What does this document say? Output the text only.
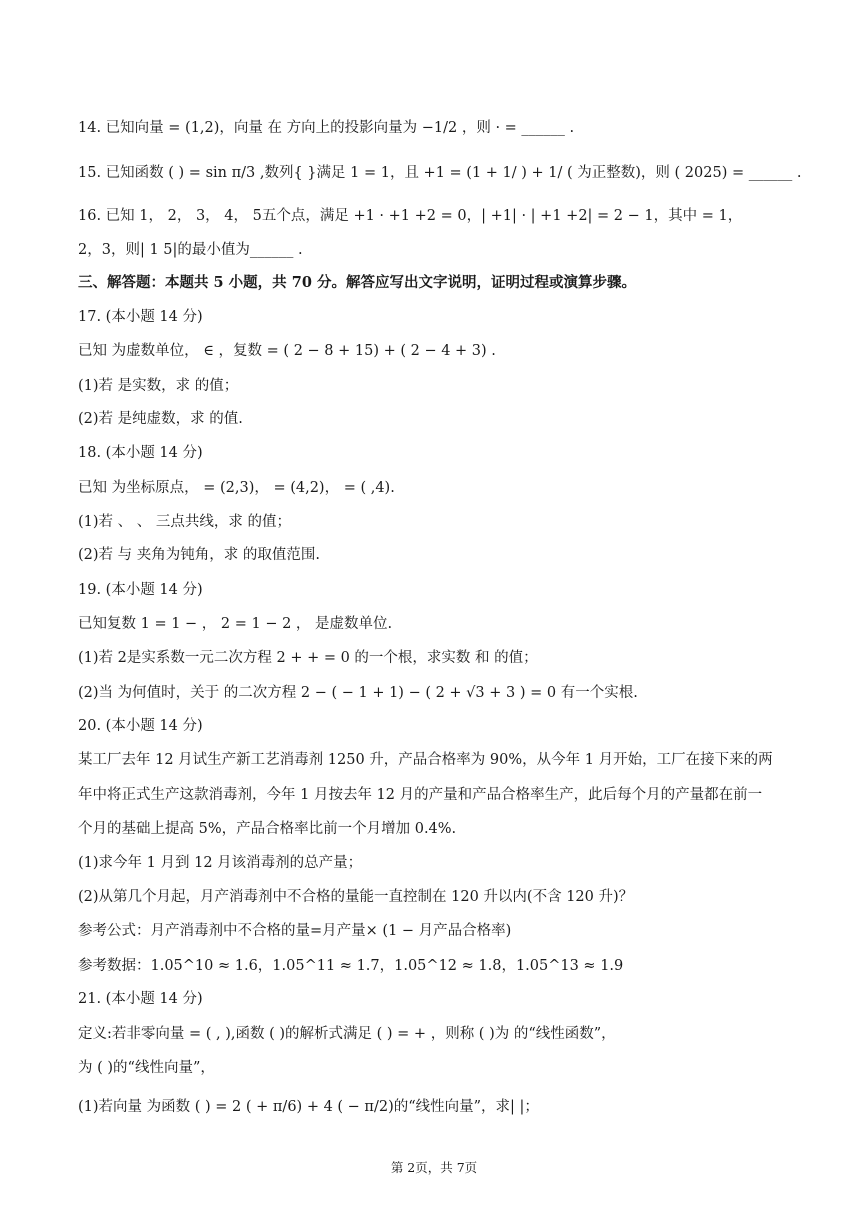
14. 已知向量 = (1,2)，向量 在 方向上的投影向量为 −1/2 ，则 · = ______ .
15. 已知函数 ( ) = sin π/3 ,数列{ }满足 1 = 1，且 +1 = (1 + 1/ ) + 1/ ( 为正整数)，则 ( 2025) = ______ .
16. 已知 1， 2， 3， 4， 5五个点，满足 +1 · +1 +2 = 0，| +1| · | +1 +2| = 2 − 1，其中 = 1，
2，3，则| 1 5|的最小值为______ .
三、解答题：本题共 5 小题，共 70 分。解答应写出文字说明，证明过程或演算步骤。
17. (本小题 14 分)
已知 为虚数单位， ∈ ，复数 = ( 2 − 8 + 15) + ( 2 − 4 + 3) .
(1)若 是实数，求 的值；
(2)若 是纯虚数，求 的值.
18. (本小题 14 分)
已知 为坐标原点， = (2,3)， = (4,2)， = ( ,4).
(1)若 、 、 三点共线，求 的值；
(2)若 与 夹角为钝角，求 的取值范围.
19. (本小题 14 分)
已知复数 1 = 1 − ， 2 = 1 − 2 ， 是虚数单位.
(1)若 2是实系数一元二次方程 2 + + = 0 的一个根，求实数 和 的值；
(2)当 为何值时，关于 的二次方程 2 − ( − 1 + 1) − ( 2 + √3 + 3 ) = 0 有一个实根.
20. (本小题 14 分)
某工厂去年 12 月试生产新工艺消毒剂 1250 升，产品合格率为 90%，从今年 1 月开始，工厂在接下来的两
年中将正式生产这款消毒剂，今年 1 月按去年 12 月的产量和产品合格率生产，此后每个月的产量都在前一
个月的基础上提高 5%，产品合格率比前一个月增加 0.4%.
(1)求今年 1 月到 12 月该消毒剂的总产量；
(2)从第几个月起，月产消毒剂中不合格的量能一直控制在 120 升以内(不含 120 升)？
参考公式：月产消毒剂中不合格的量=月产量× (1 − 月产品合格率)
参考数据：1.05^10 ≈ 1.6，1.05^11 ≈ 1.7，1.05^12 ≈ 1.8，1.05^13 ≈ 1.9
21. (本小题 14 分)
定义:若非零向量 = ( , ),函数 ( )的解析式满足 ( ) = + ，则称 ( )为 的“线性函数”，
为 ( )的“线性向量”，
(1)若向量 为函数 ( ) = 2 ( + π/6) + 4 ( − π/2)的“线性向量”，求| |；
第 2页，共 7页
